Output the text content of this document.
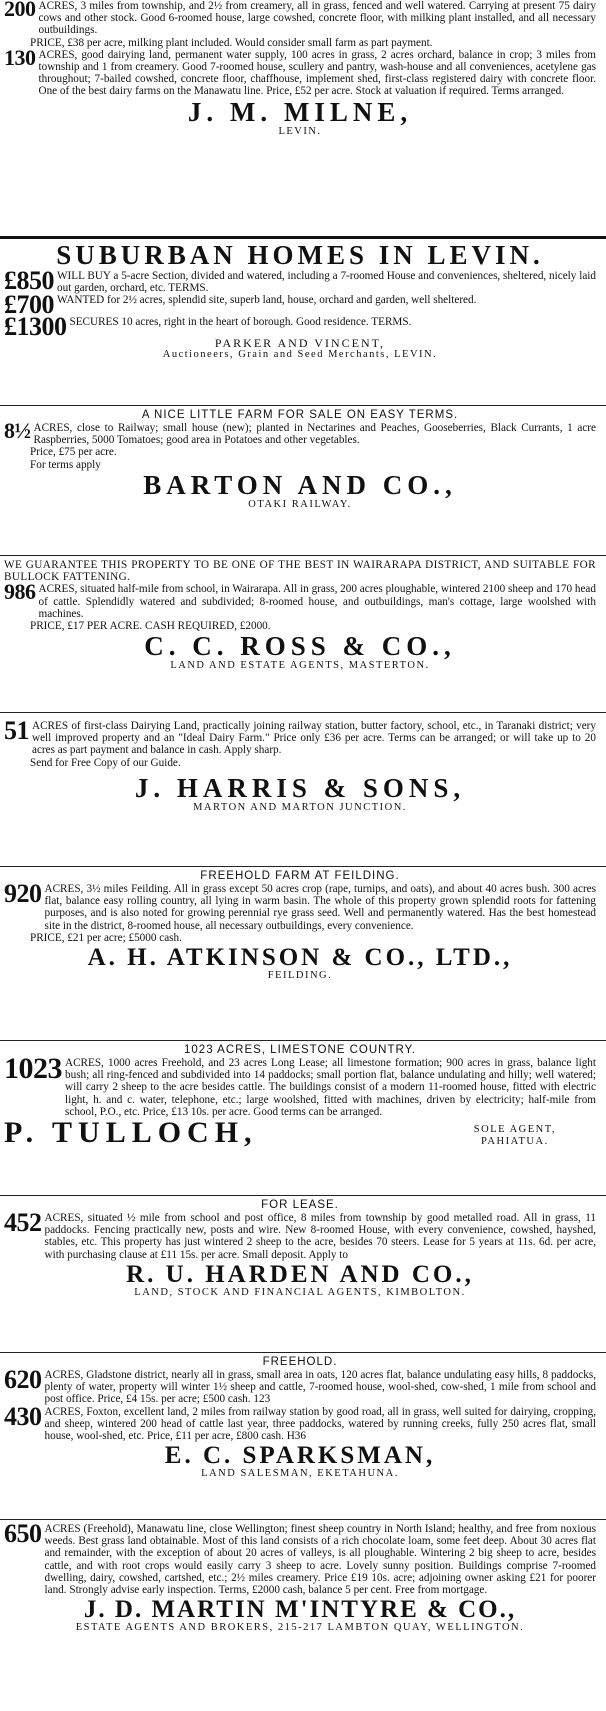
200 ACRES, 3 miles from township, and 2½ from creamery, all in grass, fenced and well watered. Carrying at present 75 dairy cows and other stock. Good 6-roomed house, large cowshed, concrete floor, with milking plant installed, and all necessary outbuildings.
PRICE, £38 per acre, milking plant included. Would consider small farm as part payment.
130 ACRES, good dairying land, permanent water supply, 100 acres in grass, 2 acres orchard, balance in crop; 3 miles from township and 1 from creamery. Good 7-roomed house, scullery and pantry, wash-house and all conveniences, acetylene gas throughout; 7-bailed cowshed, concrete floor, chaffhouse, implement shed, first-class registered dairy with concrete floor. One of the best dairy farms on the Manawatu line. Price, £52 per acre. Stock at valuation if required. Terms arranged.
J. M. MILNE,
LEVIN.
SUBURBAN HOMES IN LEVIN.
£850 WILL BUY a 5-acre Section, divided and watered, including a 7-roomed House and conveniences, sheltered, nicely laid out garden, orchard, etc. TERMS.
£700 WANTED for 2½ acres, splendid site, superb land, house, orchard and garden, well sheltered.
£1300 SECURES 10 acres, right in the heart of borough. Good residence. TERMS.
PARKER AND VINCENT,
Auctioneers, Grain and Seed Merchants, LEVIN.
A NICE LITTLE FARM FOR SALE ON EASY TERMS.
8½ ACRES, close to Railway; small house (new); planted in Nectarines and Peaches, Gooseberries, Black Currants, 1 acre Raspberries, 5000 Tomatoes; good area in Potatoes and other vegetables.
Price, £75 per acre.
For terms apply
BARTON AND CO.,
OTAKI RAILWAY.
WE GUARANTEE THIS PROPERTY TO BE ONE OF THE BEST IN WAIRARAPA DISTRICT, AND SUITABLE FOR BULLOCK FATTENING.
986 ACRES, situated half-mile from school, in Wairarapa. All in grass, 200 acres ploughable, wintered 2100 sheep and 170 head of cattle. Splendidly watered and subdivided; 8-roomed house, and outbuildings, man's cottage, large woolshed with machines.
PRICE, £17 PER ACRE. CASH REQUIRED, £2000.
C. C. ROSS & CO.,
LAND AND ESTATE AGENTS, MASTERTON.
51 ACRES of first-class Dairying Land, practically joining railway station, butter factory, school, etc., in Taranaki district; very well improved property and an "Ideal Dairy Farm." Price only £36 per acre. Terms can be arranged; or will take up to 20 acres as part payment and balance in cash. Apply sharp.
Send for Free Copy of our Guide.
J. HARRIS & SONS,
MARTON AND MARTON JUNCTION.
FREEHOLD FARM AT FEILDING.
920 ACRES, 3½ miles Feilding. All in grass except 50 acres crop (rape, turnips, and oats), and about 40 acres bush. 300 acres flat, balance easy rolling country, all lying in warm basin. The whole of this property grown splendid roots for fattening purposes, and is also noted for growing perennial rye grass seed. Well and permanently watered. Has the best homestead site in the district, 8-roomed house, all necessary outbuildings, every convenience.
PRICE, £21 per acre; £5000 cash.
A. H. ATKINSON & CO., LTD.,
FEILDING.
1023 ACRES, LIMESTONE COUNTRY.
1023 ACRES, 1000 acres Freehold, and 23 acres Long Lease; all limestone formation; 900 acres in grass, balance light bush; all ring-fenced and subdivided into 14 paddocks; small portion flat, balance undulating and hilly; well watered; will carry 2 sheep to the acre besides cattle. The buildings consist of a modern 11-roomed house, fitted with electric light, h. and c. water, telephone, etc.; large woolshed, fitted with machines, driven by electricity; half-mile from school, P.O., etc. Price, £13 10s. per acre. Good terms can be arranged.
P. TULLOCH,	SOLE AGENT,
PAHIATUA.
FOR LEASE.
452 ACRES, situated ½ mile from school and post office, 8 miles from township by good metalled road. All in grass, 11 paddocks. Fencing practically new, posts and wire. New 8-roomed House, with every convenience, cowshed, hayshed, stables, etc. This property has just wintered 2 sheep to the acre, besides 70 steers. Lease for 5 years at 11s. 6d. per acre, with purchasing clause at £11 15s. per acre. Small deposit. Apply to
R. U. HARDEN AND CO.,
LAND, STOCK AND FINANCIAL AGENTS, KIMBOLTON.
FREEHOLD.
620 ACRES, Gladstone district, nearly all in grass, small area in oats, 120 acres flat, balance undulating easy hills, 8 paddocks, plenty of water, property will winter 1½ sheep and cattle, 7-roomed house, wool-shed, cow-shed, 1 mile from school and post office. Price, £4 15s. per acre; £500 cash. 123
430 ACRES, Foxton, excellent land, 2 miles from railway station by good road, all in grass, well suited for dairying, cropping, and sheep, wintered 200 head of cattle last year, three paddocks, watered by running creeks, fully 250 acres flat, small house, wool-shed, etc. Price, £11 per acre, £800 cash. H36
E. C. SPARKSMAN,
LAND SALESMAN, EKETAHUNA.
650 ACRES (Freehold), Manawatu line, close Wellington; finest sheep country in North Island; healthy, and free from noxious weeds. Best grass land obtainable. Most of this land consists of a rich chocolate loam, some feet deep. About 30 acres flat and remainder, with the exception of about 20 acres of valleys, is all ploughable. Wintering 2 big sheep to acre, besides cattle, and with root crops would easily carry 3 sheep to acre. Lovely sunny position. Buildings comprise 7-roomed dwelling, dairy, cowshed, cartshed, etc.; 2½ miles creamery. Price £19 10s. acre; adjoining owner asking £21 for poorer land. Strongly advise early inspection. Terms, £2000 cash, balance 5 per cent. Free from mortgage.
J. D. MARTIN M'INTYRE & CO.,
ESTATE AGENTS AND BROKERS, 215-217 LAMBTON QUAY, WELLINGTON.
